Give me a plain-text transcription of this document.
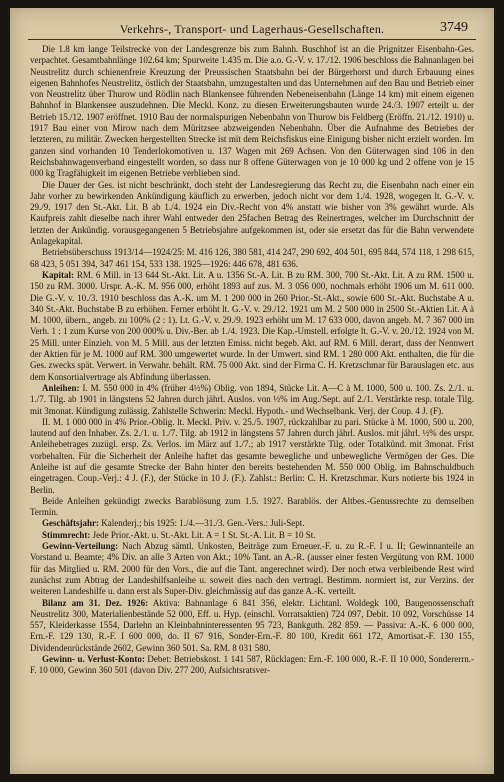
Verkehrs-, Transport- und Lagerhaus-Gesellschaften.	3749

Die 1.8 km lange Teilstrecke von der Landesgrenze bis zum Bahnh. Buschhof ist an die Prignitzer Eisenbahn-Ges. verpachtet. Gesamtbahnlänge 102.64 km; Spurweite 1.435 m. Die a.o. G.-V. v. 17./12. 1906 beschloss die Bahnanlagen bei Neustrelitz durch schienenfreie Kreuzung der Preussischen Staatsbahn bei der Bürgerhorst und durch Erbauung eines eigenen Bahnhofes Neustrelitz, östlich der Staatsbahn, umzugestalten und das Unternehmen auf den Bau und Betrieb einer von Neustrelitz über Thurow und Rödlin nach Blankensee führenden Nebeneisenbahn (Länge 14 km) mit einem eigenen Bahnhof in Blankensee auszudehnen. Die Meckl. Konz. zu diesen Erweiterungsbauten wurde 24./3. 1907 erteilt u. der Betrieb 15./12. 1907 eröffnet. 1910 Bau der normalspurigen Nebenbahn von Thurow bis Feldberg (Eröffn. 21./12. 1910) u. 1917 Bau einer von Mirow nach dem Müritzsee abzweigenden Nebenbahn. Über die Aufnahme des Betriebes der letzteren, zu militär. Zwecken hergestellten Strecke ist mit dem Reichsfiskus eine Einigung bisher nicht erzielt worden. Im ganzen sind vorhanden 10 Tenderlokomotiven u. 137 Wagen mit 269 Achsen. Von den Güterwagen sind 106 in den Reichsbahnwagenverband eingestellt worden, so dass nur 8 offene Güterwagen von je 10 000 kg und 2 offene von je 15 000 kg Tragfähigkeit im eigenen Betriebe verblieben sind.

Die Dauer der Ges. ist nicht beschränkt, doch steht der Landesregierung das Recht zu, die Eisenbahn nach einer ein Jahr vorher zu bewirkenden Ankündigung käuflich zu erwerben, jedoch nicht vor dem 1./4. 1928, wogegen lt. G.-V. v. 29./9. 1917 den St.-Akt. Lit. B ab 1./4. 1924 ein Div.-Recht von 4% anstatt wie bisher von 3% gewährt wurde. Als Kaufpreis zahlt dieselbe nach ihrer Wahl entweder den 25fachen Betrag des Reinertrages, welcher im Durchschnitt der letzten der Ankündig. vorausgegangenen 5 Betriebsjahre aufgekommen ist, oder sie ersetzt das für die Bahn verwendete Anlagekapital.

Betriebsüberschuss 1913/14—1924/25: M. 416 126, 380 581, 414 247, 290 692, 404 501, 695 844, 574 118, 1 298 615, 68 423, 5 051 394, 347 461 154, 533 138. 1925—1926: 446 678, 481 636.

Kapital: RM. 6 Mill. in 13 644 St.-Akt. Lit. A u. 1356 St.-A. Lit. B zu RM. 300, 700 St.-Akt. Lit. A zu RM. 1500 u. 150 zu RM. 3000. Urspr. A.-K. M. 956 000, erhöht 1893 auf zus. M. 3 056 000, nochmals erhöht 1906 um M. 611 000. Die G.-V. v. 10./3. 1910 beschloss das A.-K. um M. 1 200 000 in 260 Prior.-St.-Akt., sowie 600 St.-Akt. Buchstabe A u. 340 St.-Akt. Buchstabe B zu erhöhen. Ferner erhöht lt. G.-V. v. 29./12. 1921 um M. 2 500 000 in 2500 St.-Aktien Lit. A à M. 1000, übern., angeb. zu 100% (2 : 1). Lt. G.-V. v. 29./9. 1923 erhöht um M. 17 633 000, davon angeb. M. 7 367 000 im Verh. 1 : 1 zum Kurse von 200 000% u. Div.-Ber. ab 1./4. 1923. Die Kap.-Umstell. erfolgte lt. G.-V. v. 20./12. 1924 von M. 25 Mill. unter Einzieh. von M. 5 Mill. aus der letzten Emiss. nicht begeb. Akt. auf RM. 6 Mill. derart, dass der Nennwert der Aktien für je M. 1000 auf RM. 300 umgewertet wurde. In der Umwert. sind RM. 1 280 000 Akt. enthalten, die für die Ges. zwecks spät. Verwert. in Verwahr. behält. RM. 75 000 Akt. sind der Firma C. H. Kretzschmar für Barauslagen etc. aus dem Konsortialvertrage als Abfindung überlassen.

Anleihen: I. M. 550 000 in 4% (früher 4½%) Oblig. von 1894, Stücke Lit. A—C à M. 1000, 500 u. 100. Zs. 2./1. u. 1./7. Tilg. ab 1901 in längstens 52 Jahren durch jährl. Auslos. von ½% im Aug./Sept. auf 2./1. Verstärkte resp. totale Tilg. mit 3monat. Kündigung zulässig. Zahlstelle Schwerin: Meckl. Hypoth.- und Wechselbank. Verj. der Coup. 4 J. (F).

II. M. 1 000 000 in 4% Prior.-Oblig. lt. Meckl. Priv. v. 25./5. 1907, rückzahlbar zu pari. Stücke à M. 1000, 500 u. 200, lautend auf den Inhaber. Zs. 2./1. u. 1./7. Tilg. ab 1912 in längstens 57 Jahren durch jährl. Auslos. mit jährl. ½% des urspr. Anleihebetrages zuzügl. ersp. Zs. Verlos. im März auf 1./7.; ab 1917 verstärkte Tilg. oder Totalkünd. mit 3monat. Frist vorbehalten. Für die Sicherheit der Anleihe haftet das gesamte bewegliche und unbewegliche Vermögen der Ges. Die Anleihe ist auf die gesamte Strecke der Bahn hinter den bereits bestehenden M. 550 000 Oblig. im Bahnschuldbuch eingetragen. Coup.-Verj.: 4 J. (F.), der Stücke in 10 J. (F.). Zahlst.: Berlin: C. H. Kretzschmar. Kurs notierte bis 1924 in Berlin.

Beide Anleihen gekündigt zwecks Barablösung zum 1.5. 1927. Barablös. der Altbes.-Genussrechte zu demselben Termin.

Geschäftsjahr: Kalenderj.; bis 1925: 1./4.—31./3. Gen.-Vers.: Juli-Sept.

Stimmrecht: Jede Prior.-Akt. u. St.-Akt. Lit. A = 1 St. St.-A. Lit. B = 10 St.

Gewinn-Verteilung: Nach Abzug sämtl. Unkosten, Beiträge zum Erneuer.-F. u. zu R.-F. I u. II; Gewinnanteile an Vorstand u. Beamte; 4% Div. an alle 3 Arten von Akt.; 10% Tant. an A.-R. (ausser einer festen Vergütung von RM. 1000 für das Mitglied u. RM. 2000 für den Vors., die auf die Tant. angerechnet wird). Der noch etwa verbleibende Rest wird zunächst zum Abtrag der Landeshilfsanleihe u. soweit dies nach den vertragl. Bestimm. normiert ist, zur Verzins. der weiteren Landeshilfe u. dann erst als Super-Div. gleichmässig auf das ganze A.-K. verteilt.

Bilanz am 31. Dez. 1926: Aktiva: Bahnanlage 6 841 356, elektr. Lichtanl. Woldegk 100, Baugenossenschaft Neustrelitz 300, Materialienbestände 52 000, Eff. u. Hyp. (einschl. Vorratsaktien) 724 097, Debit. 10 092, Vorschüsse 14 557, Kleiderkasse 1554, Darlehn an Kleinbahninteressenten 95 723, Bankguth. 282 859. — Passiva: A.-K. 6 000 000, Ern.-F. 129 130, R.-F. I 600 000, do. II 67 916, Sonder-Ern.-F. 80 100, Kredit 661 172, Amortisat.-F. 130 155, Dividendenrückstände 2602, Gewinn 360 501. Sa. RM. 8 031 580.

Gewinn- u. Verlust-Konto: Debet: Betriebskost. 1 141 587, Rücklagen: Ern.-F. 100 000, R.-F. II 10 000, Sondererrn.-F. 10 000, Gewinn 360 501 (davon Div. 277 200, Aufsichtsratsver-
